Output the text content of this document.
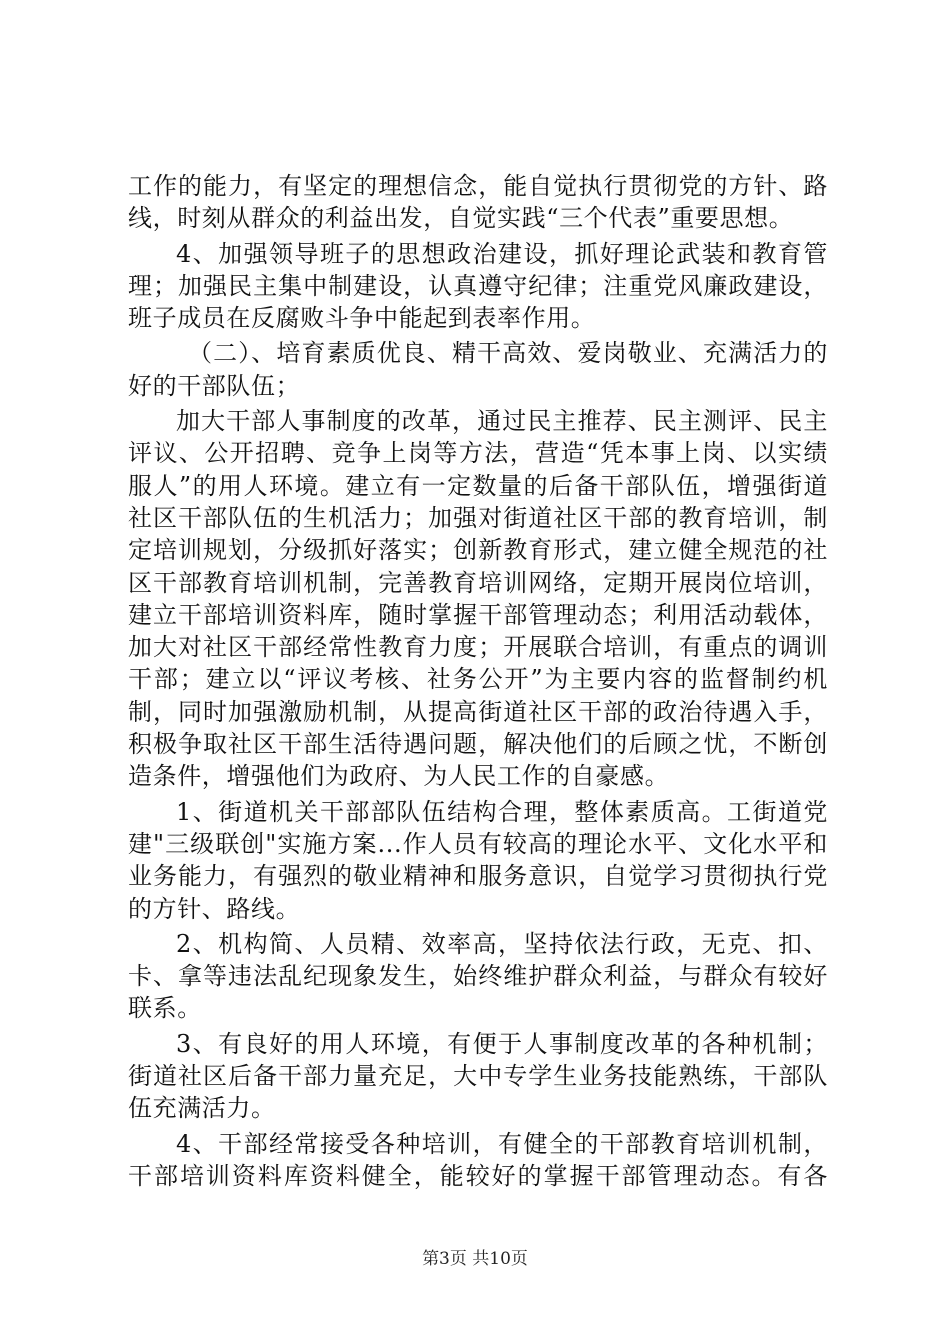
工作的能力，有坚定的理想信念，能自觉执行贯彻党的方针、路线，时刻从群众的利益出发，自觉实践“三个代表”重要思想。

4、加强领导班子的思想政治建设，抓好理论武装和教育管理；加强民主集中制建设，认真遵守纪律；注重党风廉政建设，班子成员在反腐败斗争中能起到表率作用。

（二）、培育素质优良、精干高效、爱岗敬业、充满活力的好的干部队伍；

加大干部人事制度的改革，通过民主推荐、民主测评、民主评议、公开招聘、竞争上岗等方法，营造“凭本事上岗、以实绩服人”的用人环境。建立有一定数量的后备干部队伍，增强街道社区干部队伍的生机活力；加强对街道社区干部的教育培训，制定培训规划，分级抓好落实；创新教育形式，建立健全规范的社区干部教育培训机制，完善教育培训网络，定期开展岗位培训，建立干部培训资料库，随时掌握干部管理动态；利用活动载体，加大对社区干部经常性教育力度；开展联合培训，有重点的调训干部；建立以“评议考核、社务公开”为主要内容的监督制约机制，同时加强激励机制，从提高街道社区干部的政治待遇入手，积极争取社区干部生活待遇问题，解决他们的后顾之忧，不断创造条件，增强他们为政府、为人民工作的自豪感。

1、街道机关干部部队伍结构合理，整体素质高。工街道党建"三级联创"实施方案...作人员有较高的理论水平、文化水平和业务能力，有强烈的敬业精神和服务意识，自觉学习贯彻执行党的方针、路线。

2、机构简、人员精、效率高，坚持依法行政，无克、扣、卡、拿等违法乱纪现象发生，始终维护群众利益，与群众有较好联系。

3、有良好的用人环境，有便于人事制度改革的各种机制；街道社区后备干部力量充足，大中专学生业务技能熟练，干部队伍充满活力。

4、干部经常接受各种培训，有健全的干部教育培训机制，干部培训资料库资料健全，能较好的掌握干部管理动态。有各

第3页 共10页
